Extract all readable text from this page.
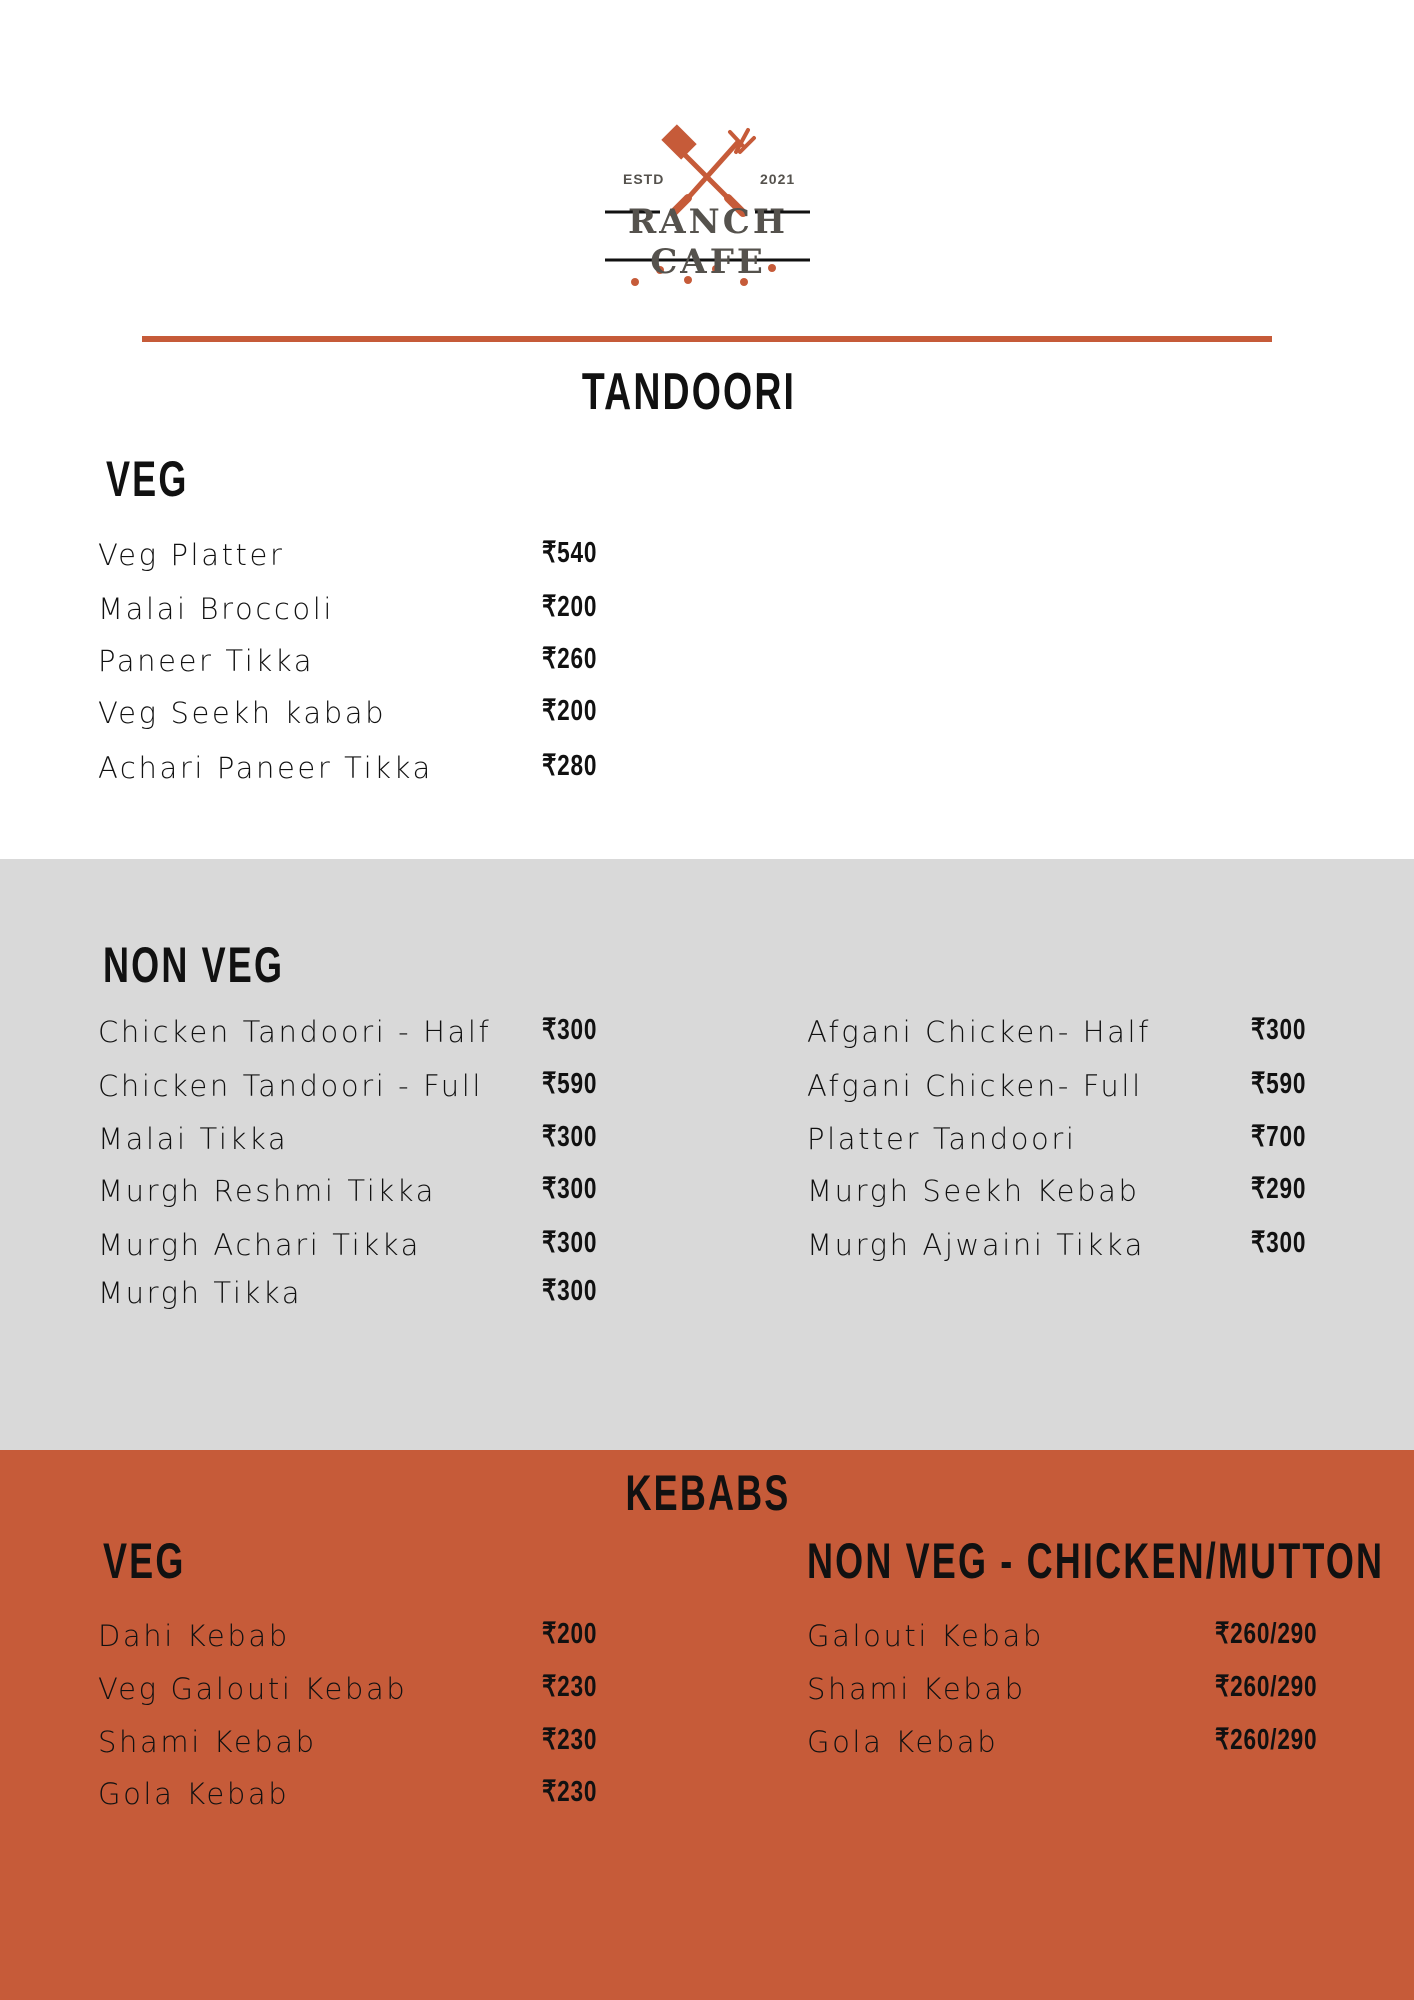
ESTD	2021
RANCH CAFE
TANDOORI
VEG
NON VEG
KEBABS
VEG	NON VEG - CHICKEN/MUTTON
Veg Platter	₹540
Malai Broccoli	₹200
Paneer Tikka	₹260
Veg Seekh kabab	₹200
Achari Paneer Tikka	₹280
Chicken Tandoori - Half ₹300
Chicken Tandoori - Full ₹590
Malai Tikka	₹300
Murgh Reshmi Tikka	₹300
Murgh Achari Tikka	₹300
Murgh Tikka	₹300
Afgani Chicken- Half	₹300
Afgani Chicken- Full	₹590
Platter Tandoori	₹700
Murgh Seekh Kebab	₹290
Murgh Ajwaini Tikka	₹300
Dahi Kebab	₹200
Veg Galouti Kebab	₹230
Shami Kebab	₹230
Gola Kebab	₹230
Galouti Kebab	₹260/290
Shami Kebab	₹260/290
Gola Kebab	₹260/290
